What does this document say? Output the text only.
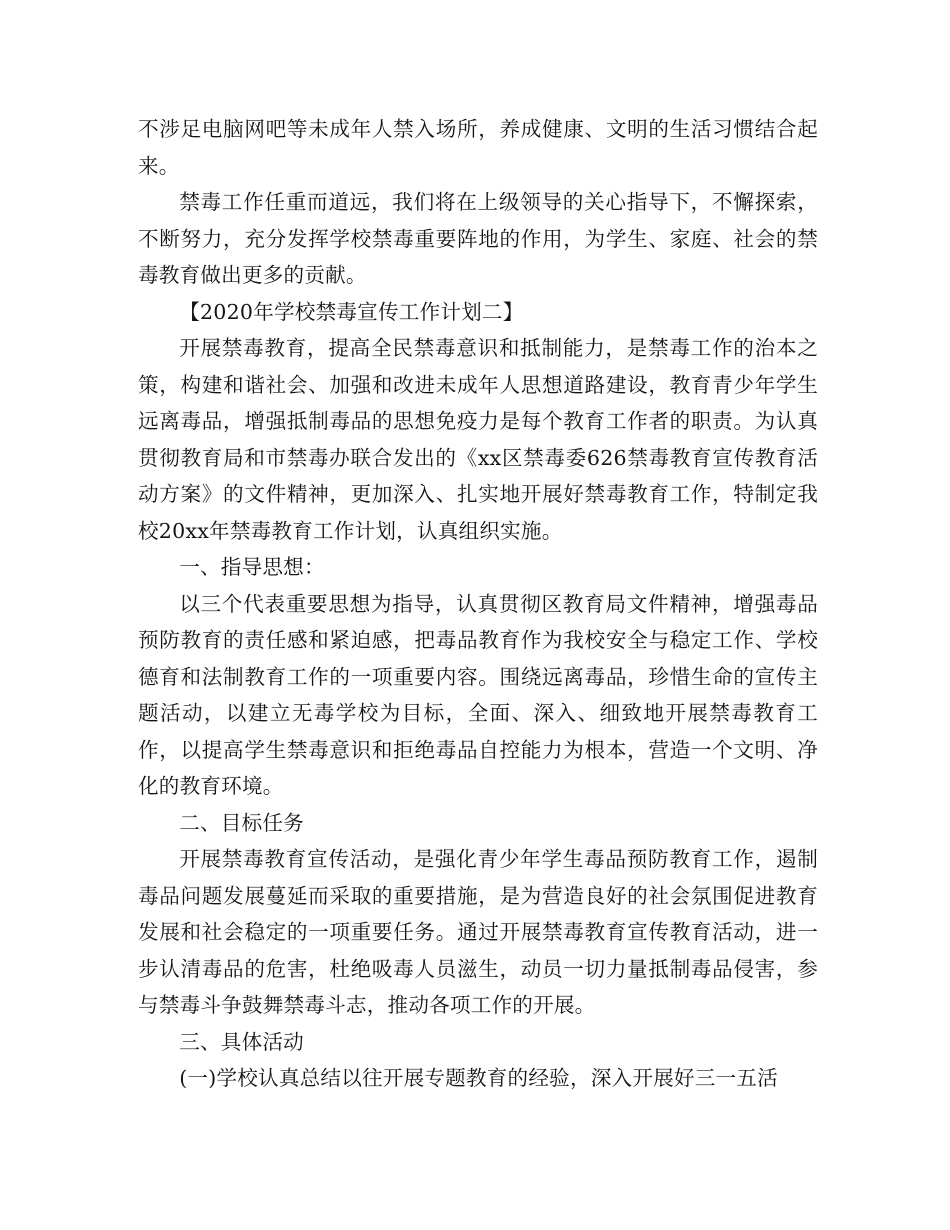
不涉足电脑网吧等未成年人禁入场所，养成健康、文明的生活习惯结合起来。

禁毒工作任重而道远，我们将在上级领导的关心指导下，不懈探索，不断努力，充分发挥学校禁毒重要阵地的作用，为学生、家庭、社会的禁毒教育做出更多的贡献。

【2020年学校禁毒宣传工作计划二】

开展禁毒教育，提高全民禁毒意识和抵制能力，是禁毒工作的治本之策，构建和谐社会、加强和改进未成年人思想道路建设，教育青少年学生远离毒品，增强抵制毒品的思想免疫力是每个教育工作者的职责。为认真贯彻教育局和市禁毒办联合发出的《xx区禁毒委626禁毒教育宣传教育活动方案》的文件精神，更加深入、扎实地开展好禁毒教育工作，特制定我校20xx年禁毒教育工作计划，认真组织实施。

一、指导思想：

以三个代表重要思想为指导，认真贯彻区教育局文件精神，增强毒品预防教育的责任感和紧迫感，把毒品教育作为我校安全与稳定工作、学校德育和法制教育工作的一项重要内容。围绕远离毒品，珍惜生命的宣传主题活动，以建立无毒学校为目标，全面、深入、细致地开展禁毒教育工作，以提高学生禁毒意识和拒绝毒品自控能力为根本，营造一个文明、净化的教育环境。

二、目标任务

开展禁毒教育宣传活动，是强化青少年学生毒品预防教育工作，遏制毒品问题发展蔓延而采取的重要措施，是为营造良好的社会氛围促进教育发展和社会稳定的一项重要任务。通过开展禁毒教育宣传教育活动，进一步认清毒品的危害，杜绝吸毒人员滋生，动员一切力量抵制毒品侵害，参与禁毒斗争鼓舞禁毒斗志，推动各项工作的开展。

三、具体活动

(一)学校认真总结以往开展专题教育的经验，深入开展好三一五活
